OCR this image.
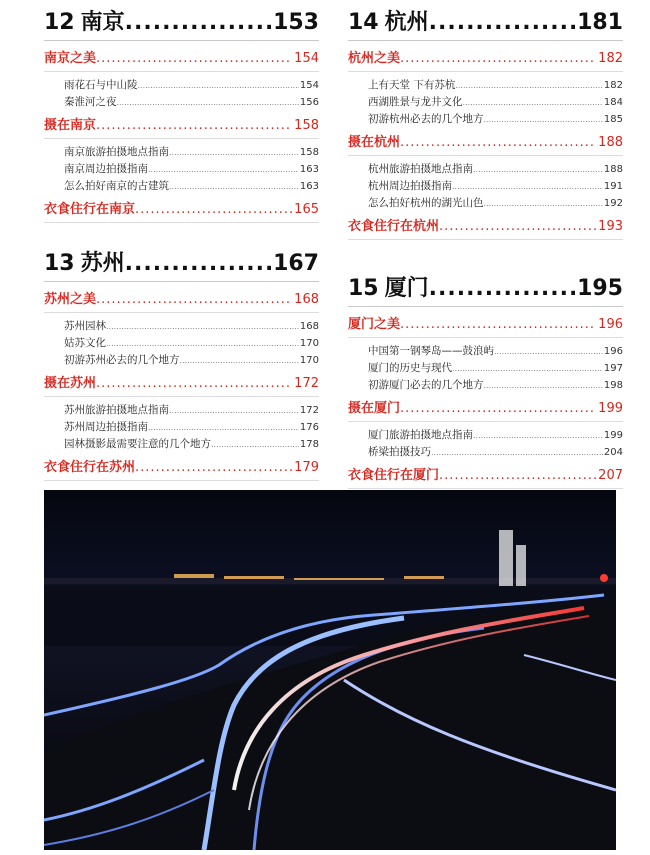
12 南京 .....	153
南京之美 .....	154
雨花石与中山陵 .....	154
秦淮河之夜 .....	156
摄在南京 .....	158
南京旅游拍摄地点指南 .....	158
南京周边拍摄指南 .....	163
怎么拍好南京的古建筑 .....	163
衣食住行在南京 .....	165
13 苏州 .....	167
苏州之美 .....	168
苏州园林 .....	168
姑苏文化 .....	170
初游苏州必去的几个地方 .....	170
摄在苏州 .....	172
苏州旅游拍摄地点指南 .....	172
苏州周边拍摄指南 .....	176
园林摄影最需要注意的几个地方 .....	178
衣食住行在苏州 .....	179
14 杭州 .....	181
杭州之美 .....	182
上有天堂 下有苏杭 .....	182
西湖胜景与龙井文化 .....	184
初游杭州必去的几个地方 .....	185
摄在杭州 .....	188
杭州旅游拍摄地点指南 .....	188
杭州周边拍摄指南 .....	191
怎么拍好杭州的湖光山色 .....	192
衣食住行在杭州 .....	193
15 厦门 .....	195
厦门之美 .....	196
中国第一钢琴岛——鼓浪屿 .....	196
厦门的历史与现代 .....	197
初游厦门必去的几个地方 .....	198
摄在厦门 .....	199
厦门旅游拍摄地点指南 .....	199
桥梁拍摄技巧 .....	204
衣食住行在厦门 .....	207
